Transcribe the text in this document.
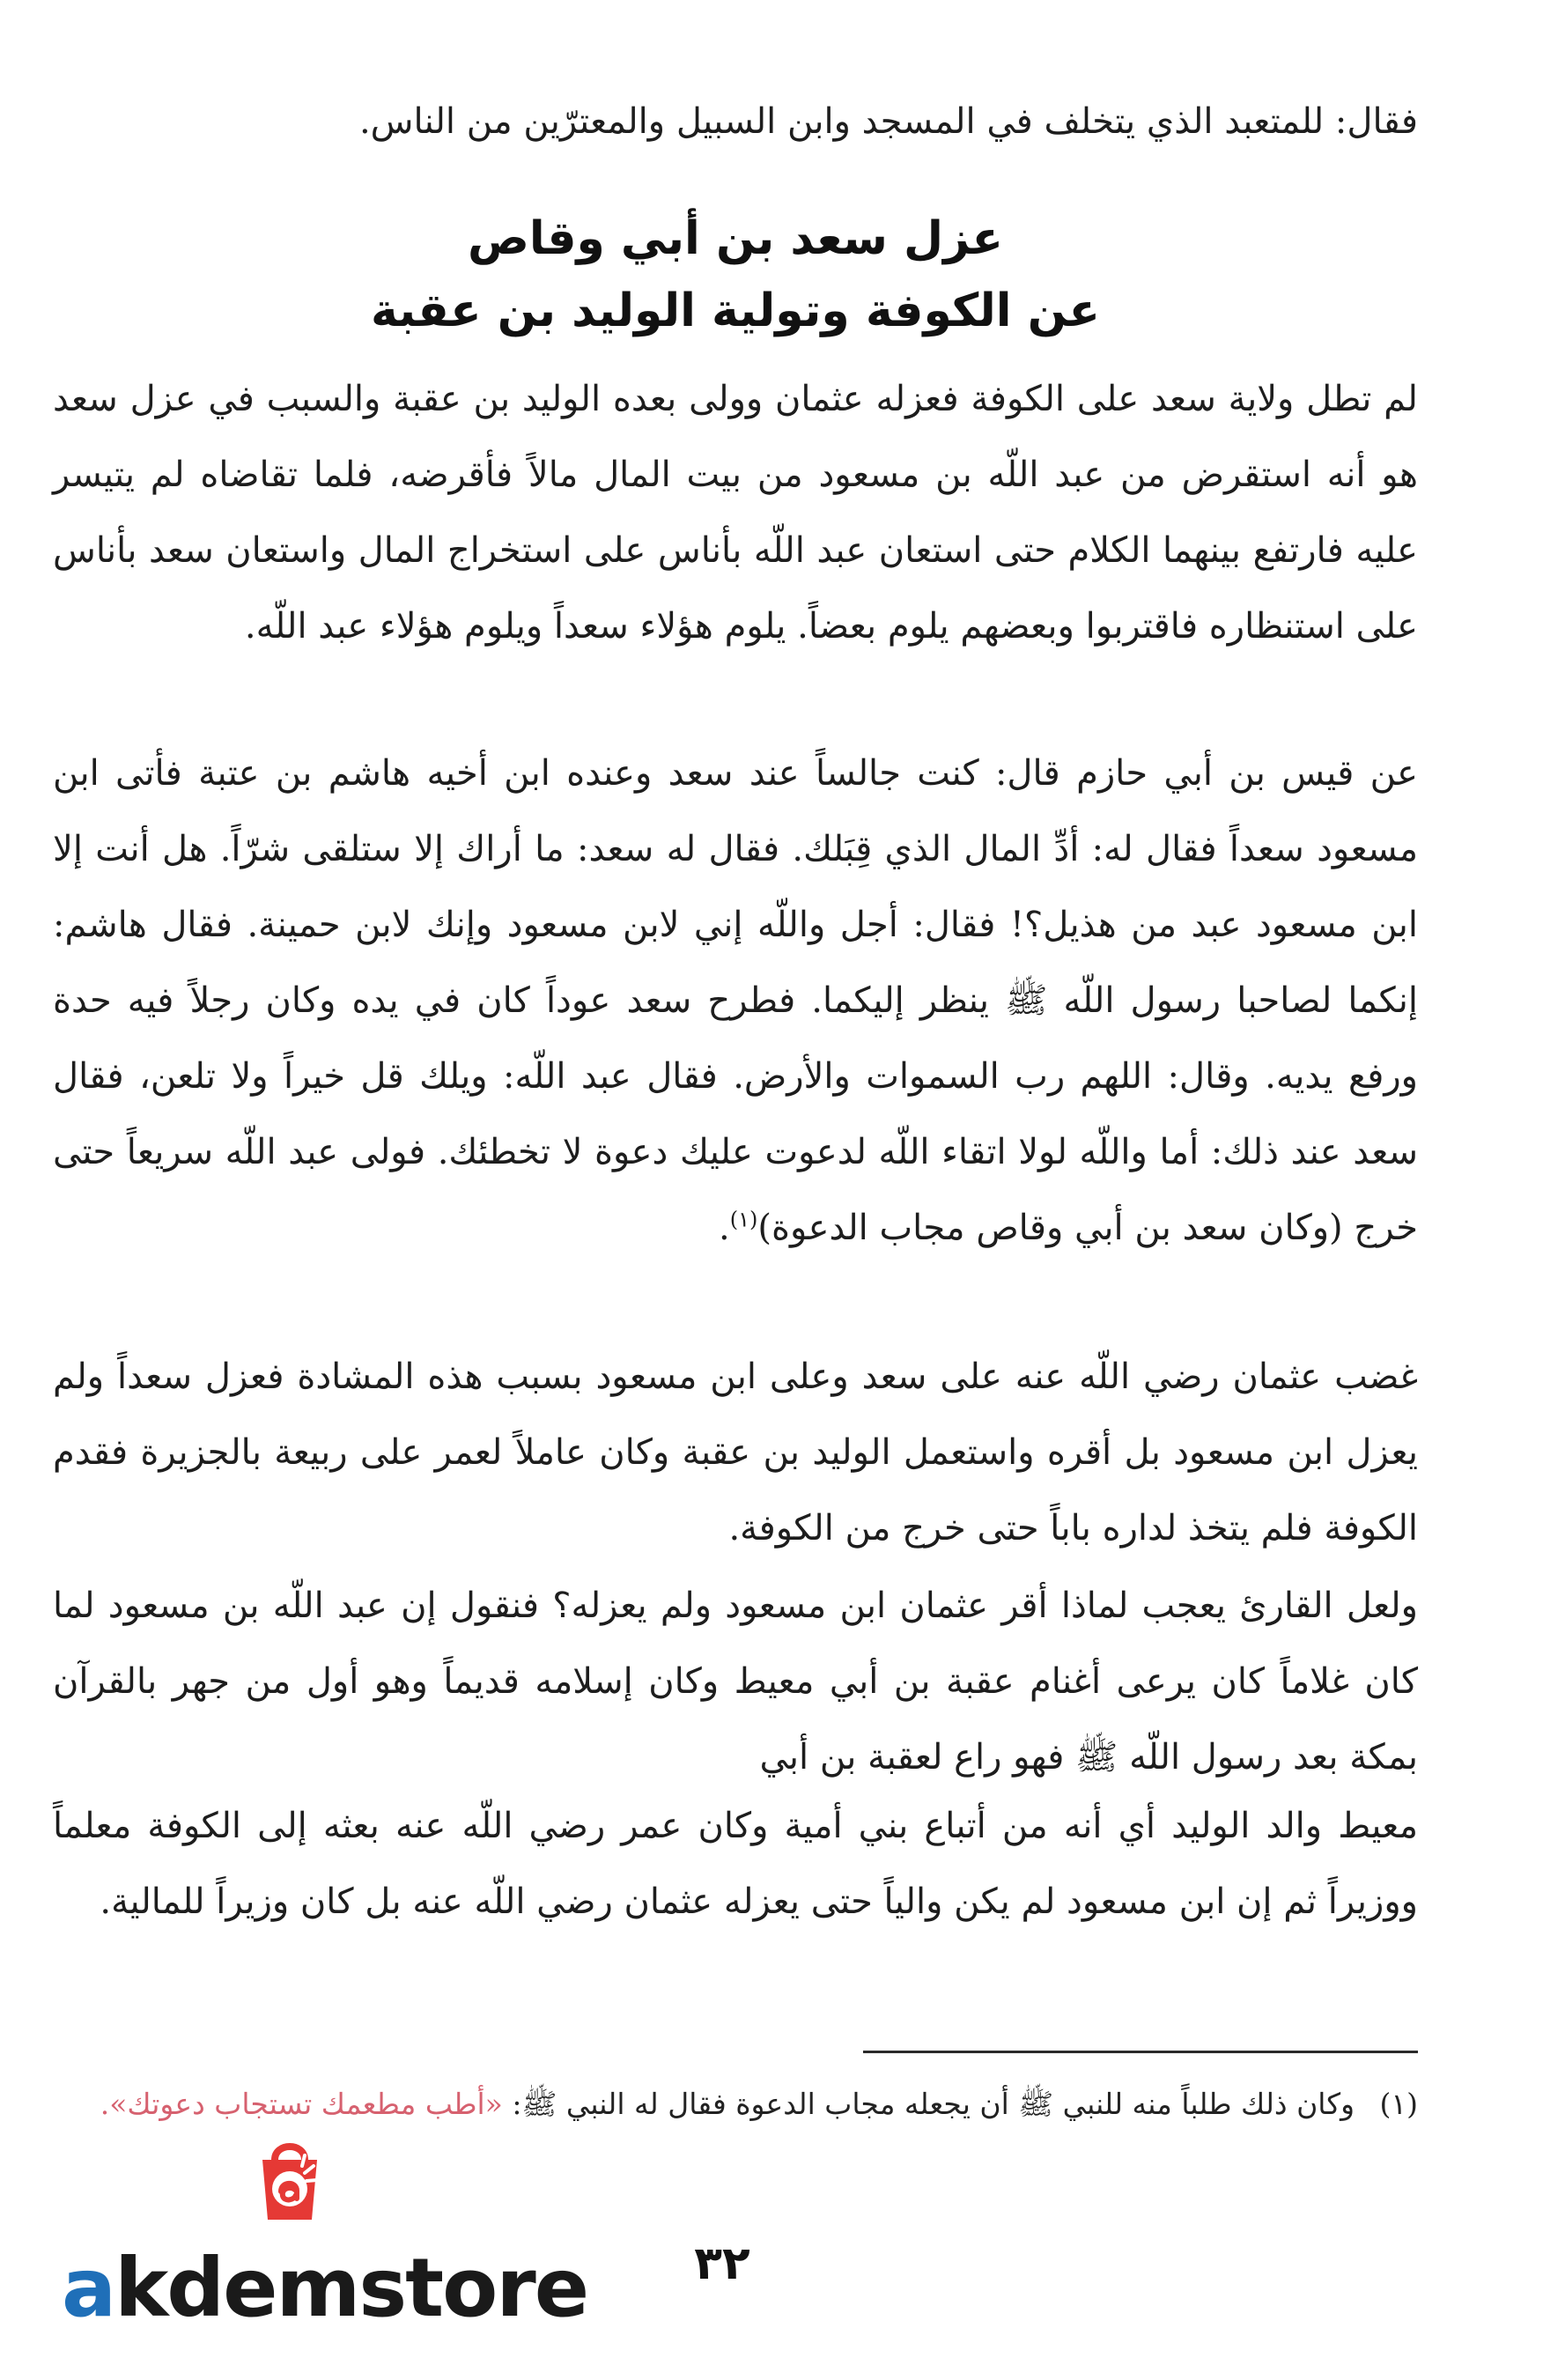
فقال: للمتعبد الذي يتخلف في المسجد وابن السبيل والمعترّين من الناس.
عزل سعد بن أبي وقاص
عن الكوفة وتولية الوليد بن عقبة
لم تطل ولاية سعد على الكوفة فعزله عثمان وولى بعده الوليد بن عقبة والسبب في عزل سعد هو أنه استقرض من عبد اللّه بن مسعود من بيت المال مالاً فأقرضه، فلما تقاضاه لم يتيسر عليه فارتفع بينهما الكلام حتى استعان عبد اللّه بأناس على استخراج المال واستعان سعد بأناس على استنظاره فاقتربوا وبعضهم يلوم بعضاً. يلوم هؤلاء سعداً ويلوم هؤلاء عبد اللّه.
عن قيس بن أبي حازم قال: كنت جالساً عند سعد وعنده ابن أخيه هاشم بن عتبة فأتى ابن مسعود سعداً فقال له: أدِّ المال الذي قِبَلك. فقال له سعد: ما أراك إلا ستلقى شرّاً. هل أنت إلا ابن مسعود عبد من هذيل؟! فقال: أجل واللّه إني لابن مسعود وإنك لابن حمينة. فقال هاشم: إنكما لصاحبا رسول اللّه ﷺ ينظر إليكما. فطرح سعد عوداً كان في يده وكان رجلاً فيه حدة ورفع يديه. وقال: اللهم رب السموات والأرض. فقال عبد اللّه: ويلك قل خيراً ولا تلعن، فقال سعد عند ذلك: أما واللّه لولا اتقاء اللّه لدعوت عليك دعوة لا تخطئك. فولى عبد اللّه سريعاً حتى خرج (وكان سعد بن أبي وقاص مجاب الدعوة)$^{(١)}$.
غضب عثمان رضي اللّه عنه على سعد وعلى ابن مسعود بسبب هذه المشادة فعزل سعداً ولم يعزل ابن مسعود بل أقره واستعمل الوليد بن عقبة وكان عاملاً لعمر على ربيعة بالجزيرة فقدم الكوفة فلم يتخذ لداره باباً حتى خرج من الكوفة.
ولعل القارئ يعجب لماذا أقر عثمان ابن مسعود ولم يعزله؟ فنقول إن عبد اللّه بن مسعود لما كان غلاماً كان يرعى أغنام عقبة بن أبي معيط وكان إسلامه قديماً وهو أول من جهر بالقرآن بمكة بعد رسول اللّه ﷺ فهو راع لعقبة بن أبي
معيط والد الوليد أي أنه من أتباع بني أمية وكان عمر رضي اللّه عنه بعثه إلى الكوفة معلماً ووزيراً ثم إن ابن مسعود لم يكن والياً حتى يعزله عثمان رضي اللّه عنه بل كان وزيراً للمالية.
(١) وكان ذلك طلباً منه للنبي ﷺ أن يجعله مجاب الدعوة فقال له النبي ﷺ: «أطب مطعمك تستجاب دعوتك».
٣٢
akdemstore
